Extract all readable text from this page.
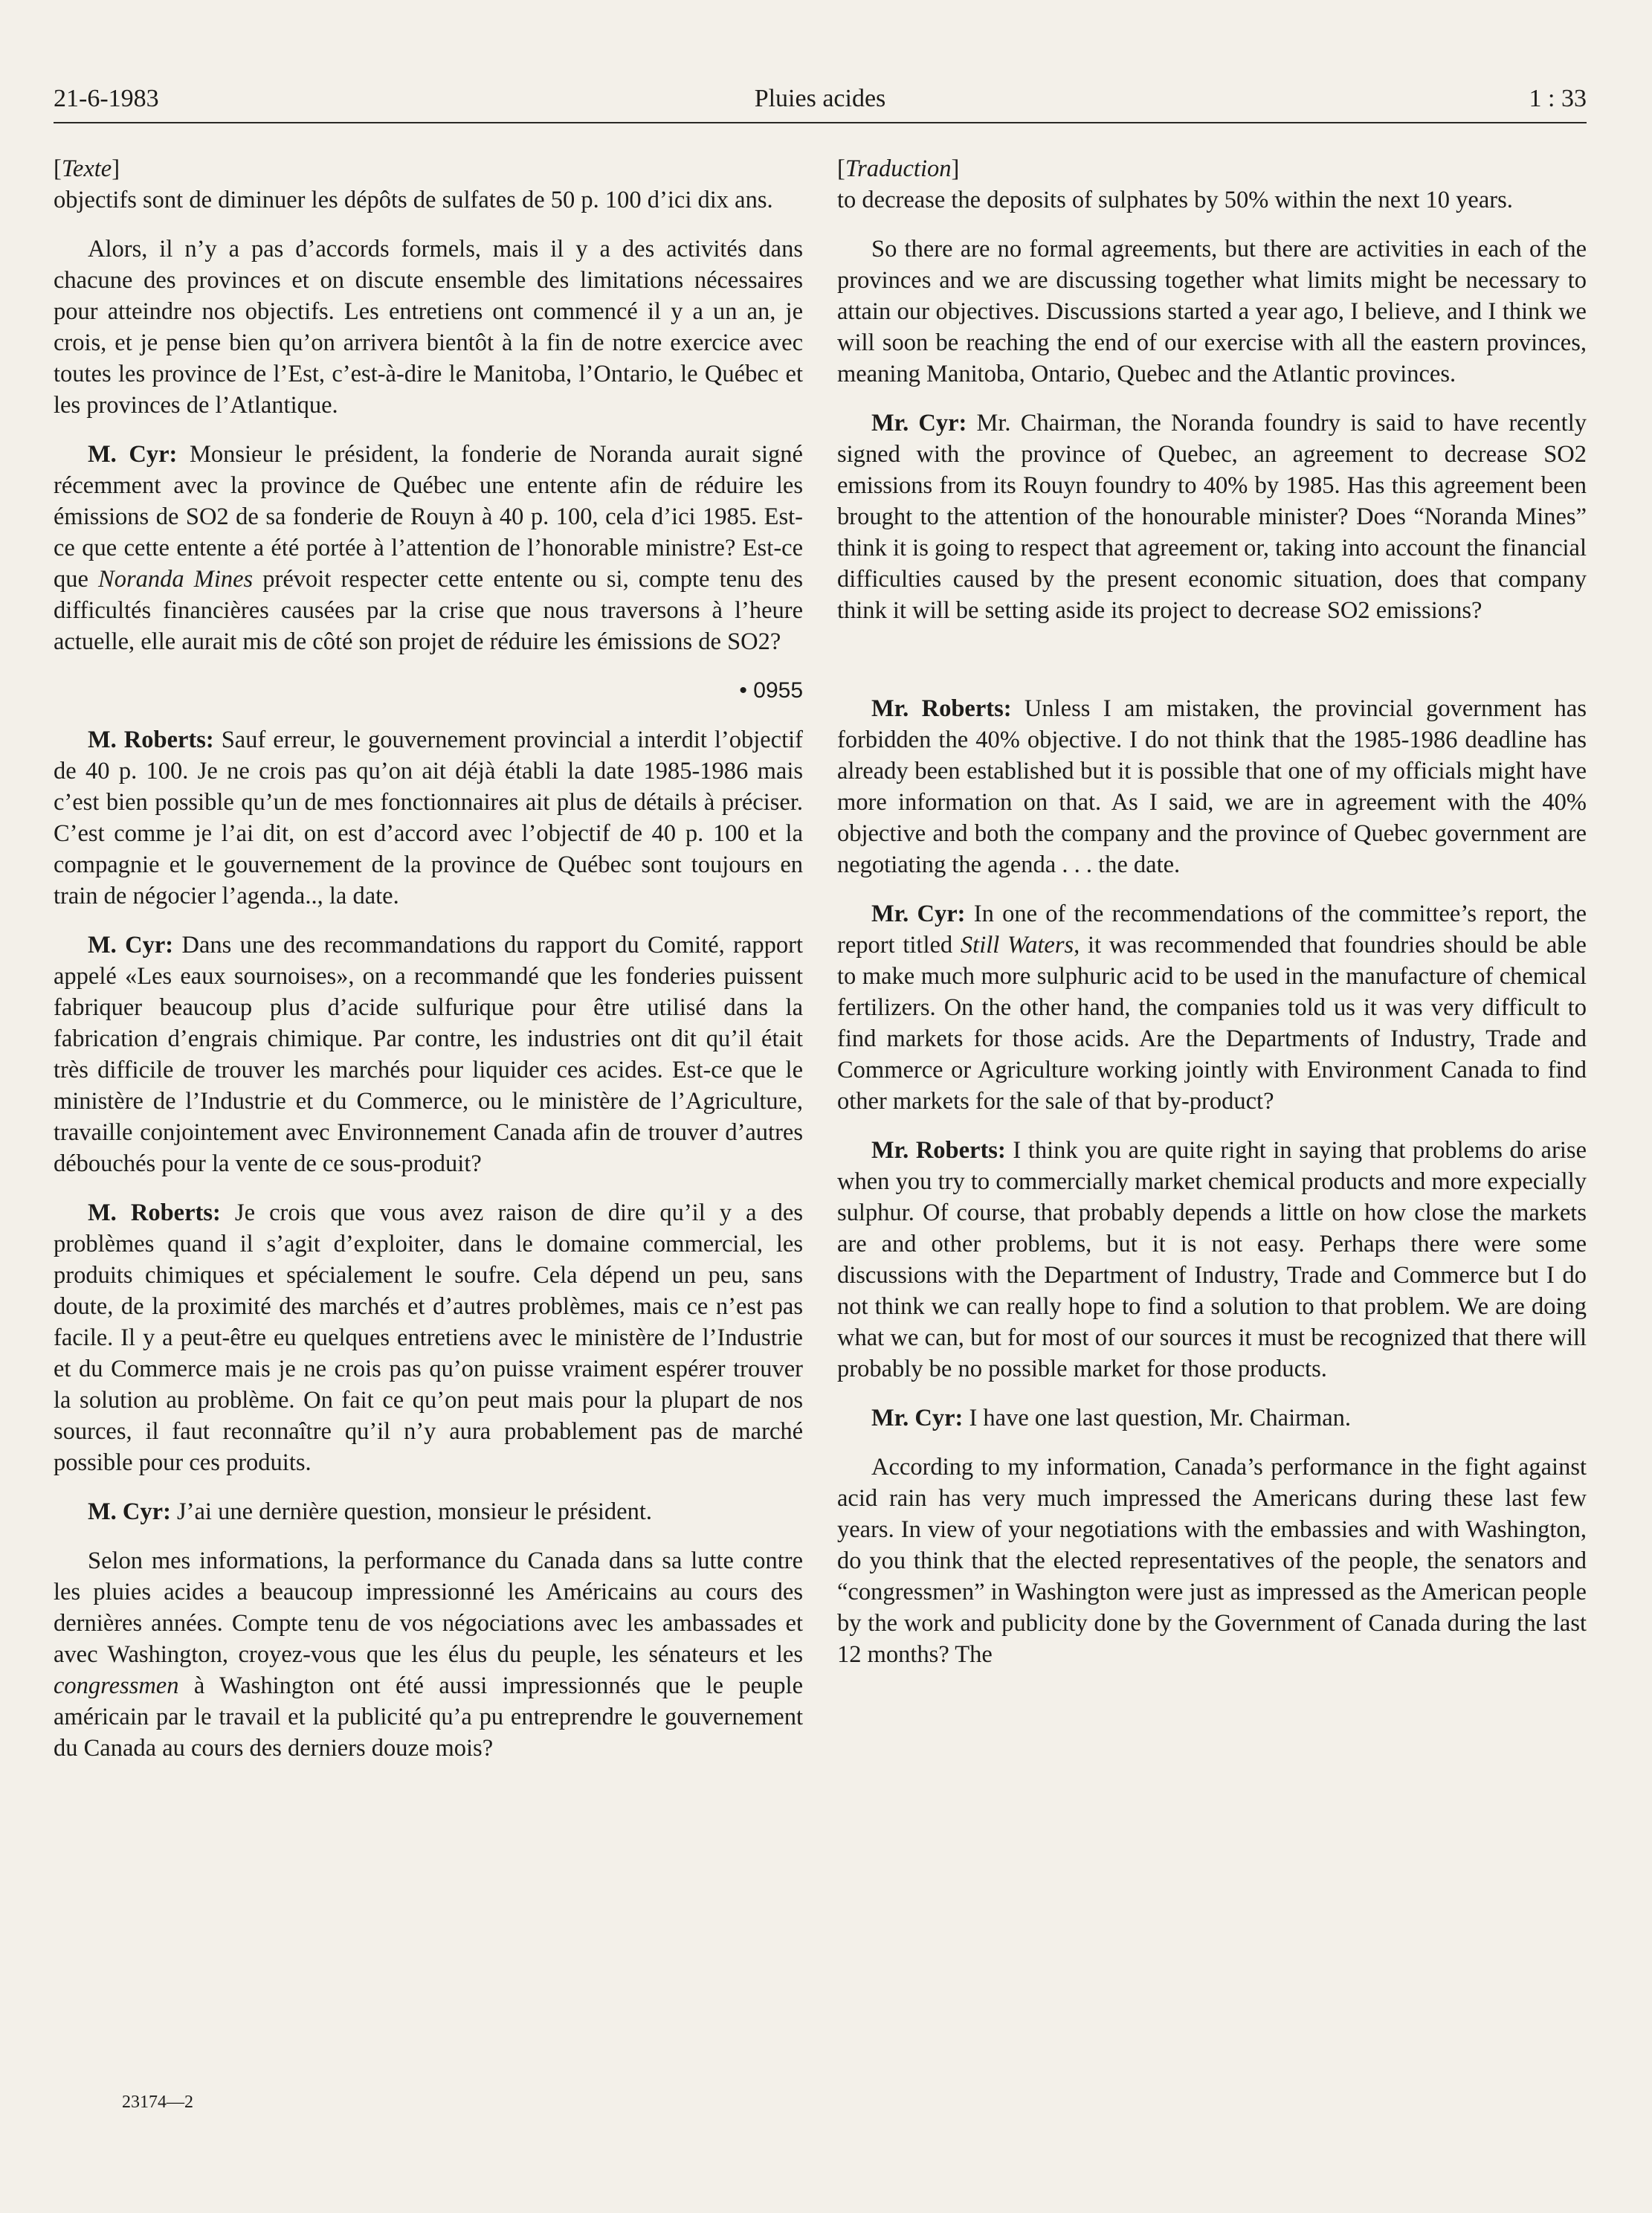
21-6-1983	Pluies acides	1 : 33

[Texte]

objectifs sont de diminuer les dépôts de sulfates de 50 p. 100 d’ici dix ans.

Alors, il n’y a pas d’accords formels, mais il y a des activités dans chacune des provinces et on discute ensemble des limitations nécessaires pour atteindre nos objectifs. Les entretiens ont commencé il y a un an, je crois, et je pense bien qu’on arrivera bientôt à la fin de notre exercice avec toutes les province de l’Est, c’est-à-dire le Manitoba, l’Ontario, le Québec et les provinces de l’Atlantique.

M. Cyr: Monsieur le président, la fonderie de Noranda aurait signé récemment avec la province de Québec une entente afin de réduire les émissions de SO2 de sa fonderie de Rouyn à 40 p. 100, cela d’ici 1985. Est-ce que cette entente a été portée à l’attention de l’honorable ministre? Est-ce que Noranda Mines prévoit respecter cette entente ou si, compte tenu des difficultés financières causées par la crise que nous traversons à l’heure actuelle, elle aurait mis de côté son projet de réduire les émissions de SO2?

• 0955

M. Roberts: Sauf erreur, le gouvernement provincial a interdit l’objectif de 40 p. 100. Je ne crois pas qu’on ait déjà établi la date 1985-1986 mais c’est bien possible qu’un de mes fonctionnaires ait plus de détails à préciser. C’est comme je l’ai dit, on est d’accord avec l’objectif de 40 p. 100 et la compagnie et le gouvernement de la province de Québec sont toujours en train de négocier l’agenda.., la date.

M. Cyr: Dans une des recommandations du rapport du Comité, rapport appelé «Les eaux sournoises», on a recommandé que les fonderies puissent fabriquer beaucoup plus d’acide sulfurique pour être utilisé dans la fabrication d’engrais chimique. Par contre, les industries ont dit qu’il était très difficile de trouver les marchés pour liquider ces acides. Est-ce que le ministère de l’Industrie et du Commerce, ou le ministère de l’Agriculture, travaille conjointement avec Environnement Canada afin de trouver d’autres débouchés pour la vente de ce sous-produit?

M. Roberts: Je crois que vous avez raison de dire qu’il y a des problèmes quand il s’agit d’exploiter, dans le domaine commercial, les produits chimiques et spécialement le soufre. Cela dépend un peu, sans doute, de la proximité des marchés et d’autres problèmes, mais ce n’est pas facile. Il y a peut-être eu quelques entretiens avec le ministère de l’Industrie et du Commerce mais je ne crois pas qu’on puisse vraiment espérer trouver la solution au problème. On fait ce qu’on peut mais pour la plupart de nos sources, il faut reconnaître qu’il n’y aura probablement pas de marché possible pour ces produits.

M. Cyr: J’ai une dernière question, monsieur le président.

Selon mes informations, la performance du Canada dans sa lutte contre les pluies acides a beaucoup impressionné les Américains au cours des dernières années. Compte tenu de vos négociations avec les ambassades et avec Washington, croyez-vous que les élus du peuple, les sénateurs et les congressmen à Washington ont été aussi impressionnés que le peuple américain par le travail et la publicité qu’a pu entreprendre le gouvernement du Canada au cours des derniers douze mois?

[Traduction]

to decrease the deposits of sulphates by 50% within the next 10 years.

So there are no formal agreements, but there are activities in each of the provinces and we are discussing together what limits might be necessary to attain our objectives. Discussions started a year ago, I believe, and I think we will soon be reaching the end of our exercise with all the eastern provinces, meaning Manitoba, Ontario, Quebec and the Atlantic provinces.

Mr. Cyr: Mr. Chairman, the Noranda foundry is said to have recently signed with the province of Quebec, an agreement to decrease SO2 emissions from its Rouyn foundry to 40% by 1985. Has this agreement been brought to the attention of the honourable minister? Does “Noranda Mines” think it is going to respect that agreement or, taking into account the financial difficulties caused by the present economic situation, does that company think it will be setting aside its project to decrease SO2 emissions?

Mr. Roberts: Unless I am mistaken, the provincial government has forbidden the 40% objective. I do not think that the 1985-1986 deadline has already been established but it is possible that one of my officials might have more information on that. As I said, we are in agreement with the 40% objective and both the company and the province of Quebec government are negotiating the agenda . . . the date.

Mr. Cyr: In one of the recommendations of the committee’s report, the report titled Still Waters, it was recommended that foundries should be able to make much more sulphuric acid to be used in the manufacture of chemical fertilizers. On the other hand, the companies told us it was very difficult to find markets for those acids. Are the Departments of Industry, Trade and Commerce or Agriculture working jointly with Environment Canada to find other markets for the sale of that by-product?

Mr. Roberts: I think you are quite right in saying that problems do arise when you try to commercially market chemical products and more expecially sulphur. Of course, that probably depends a little on how close the markets are and other problems, but it is not easy. Perhaps there were some discussions with the Department of Industry, Trade and Commerce but I do not think we can really hope to find a solution to that problem. We are doing what we can, but for most of our sources it must be recognized that there will probably be no possible market for those products.

Mr. Cyr: I have one last question, Mr. Chairman.

According to my information, Canada’s performance in the fight against acid rain has very much impressed the Americans during these last few years. In view of your negotiations with the embassies and with Washington, do you think that the elected representatives of the people, the senators and “congressmen” in Washington were just as impressed as the American people by the work and publicity done by the Government of Canada during the last 12 months? The

23174—2
